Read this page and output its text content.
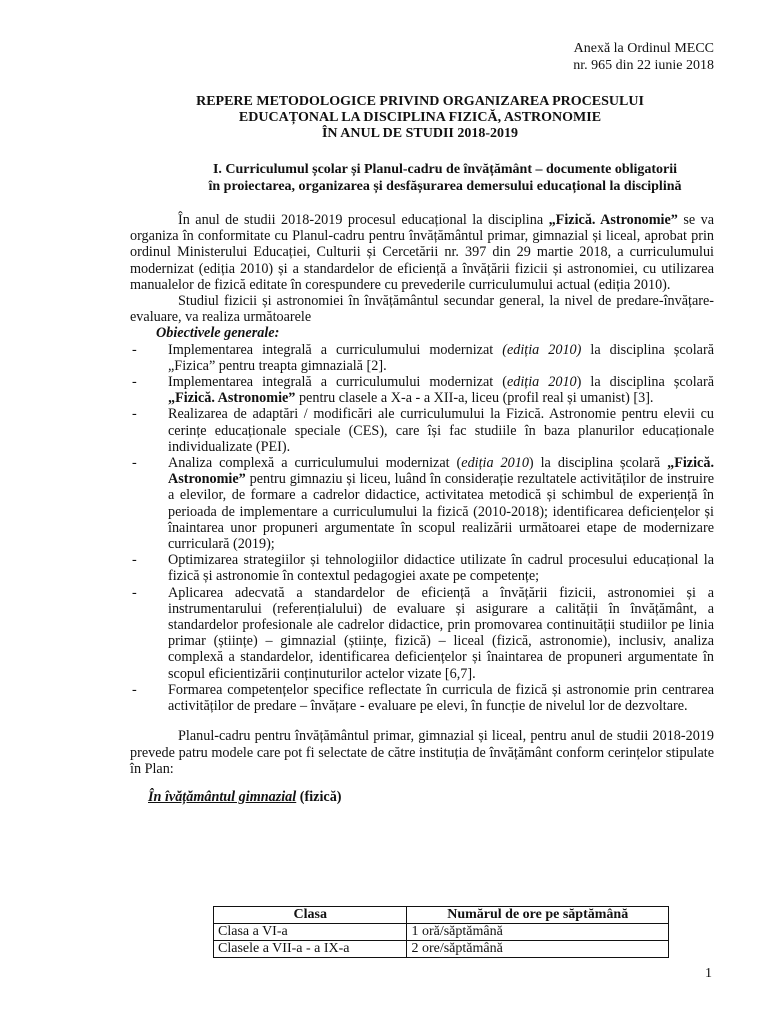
Anexă la Ordinul MECC
nr. 965 din 22 iunie 2018
REPERE METODOLOGICE PRIVIND ORGANIZAREA PROCESULUI
EDUCAȚONAL LA DISCIPLINA FIZICĂ, ASTRONOMIE
ÎN ANUL DE STUDII 2018-2019
I. Curriculumul școlar și Planul-cadru de învățământ – documente obligatorii
în proiectarea, organizarea și desfășurarea demersului educațional la disciplină

În anul de studii 2018-2019 procesul educațional la disciplina „Fizică. Astronomie” se va organiza în conformitate cu Planul-cadru pentru învățământul primar, gimnazial și liceal, aprobat prin ordinul Ministerului Educației, Culturii și Cercetării nr. 397 din 29 martie 2018, a curriculumului modernizat (ediția 2010) și a standardelor de eficiență a învățării fizicii și astronomiei, cu utilizarea manualelor de fizică editate în corespundere cu prevederile curriculumului actual (ediția 2010).

Studiul fizicii și astronomiei în învățământul secundar general, la nivel de predare-învățare-evaluare, va realiza următoarele

Obiectivele generale:

- Implementarea integrală a curriculumului modernizat (ediția 2010) la disciplina școlară „Fizica” pentru treapta gimnazială [2].
- Implementarea integrală a curriculumului modernizat (ediția 2010) la disciplina școlară „Fizică. Astronomie” pentru clasele a X-a - a XII-a, liceu (profil real și umanist) [3].
- Realizarea de adaptări / modificări ale curriculumului la Fizică. Astronomie pentru elevii cu cerințe educaționale speciale (CES), care își fac studiile în baza planurilor educaționale individualizate (PEI).
- Analiza complexă a curriculumului modernizat (ediția 2010) la disciplina școlară „Fizică. Astronomie” pentru gimnaziu și liceu, luând în considerație rezultatele activităților de instruire a elevilor, de formare a cadrelor didactice, activitatea metodică și schimbul de experiență în perioada de implementare a curriculumului la fizică (2010-2018); identificarea deficiențelor și înaintarea unor propuneri argumentate în scopul realizării următoarei etape de modernizare curriculară (2019);
- Optimizarea strategiilor și tehnologiilor didactice utilizate în cadrul procesului educațional la fizică și astronomie în contextul pedagogiei axate pe competențe;
- Aplicarea adecvată a standardelor de eficiență a învățării fizicii, astronomiei și a instrumentarului (referențialului) de evaluare și asigurare a calității în învățământ, a standardelor profesionale ale cadrelor didactice, prin promovarea continuității studiilor pe linia primar (științe) – gimnazial (științe, fizică) – liceal (fizică, astronomie), inclusiv, analiza complexă a standardelor, identificarea deficiențelor și înaintarea de propuneri argumentate în scopul eficientizării conținuturilor actelor vizate [6,7].
- Formarea competențelor specifice reflectate în curricula de fizică și astronomie prin centrarea activităților de predare – învățare - evaluare pe elevi, în funcție de nivelul lor de dezvoltare.

Planul-cadru pentru învățământul primar, gimnazial și liceal, pentru anul de studii 2018-2019 prevede patru modele care pot fi selectate de către instituția de învățământ conform cerințelor stipulate în Plan:

În îvățământul gimnazial (fizică)

Clasa	Numărul de ore pe săptămână
Clasa a VI-a	1 oră/săptămână
Clasele a VII-a - a IX-a	2 ore/săptămână
1
